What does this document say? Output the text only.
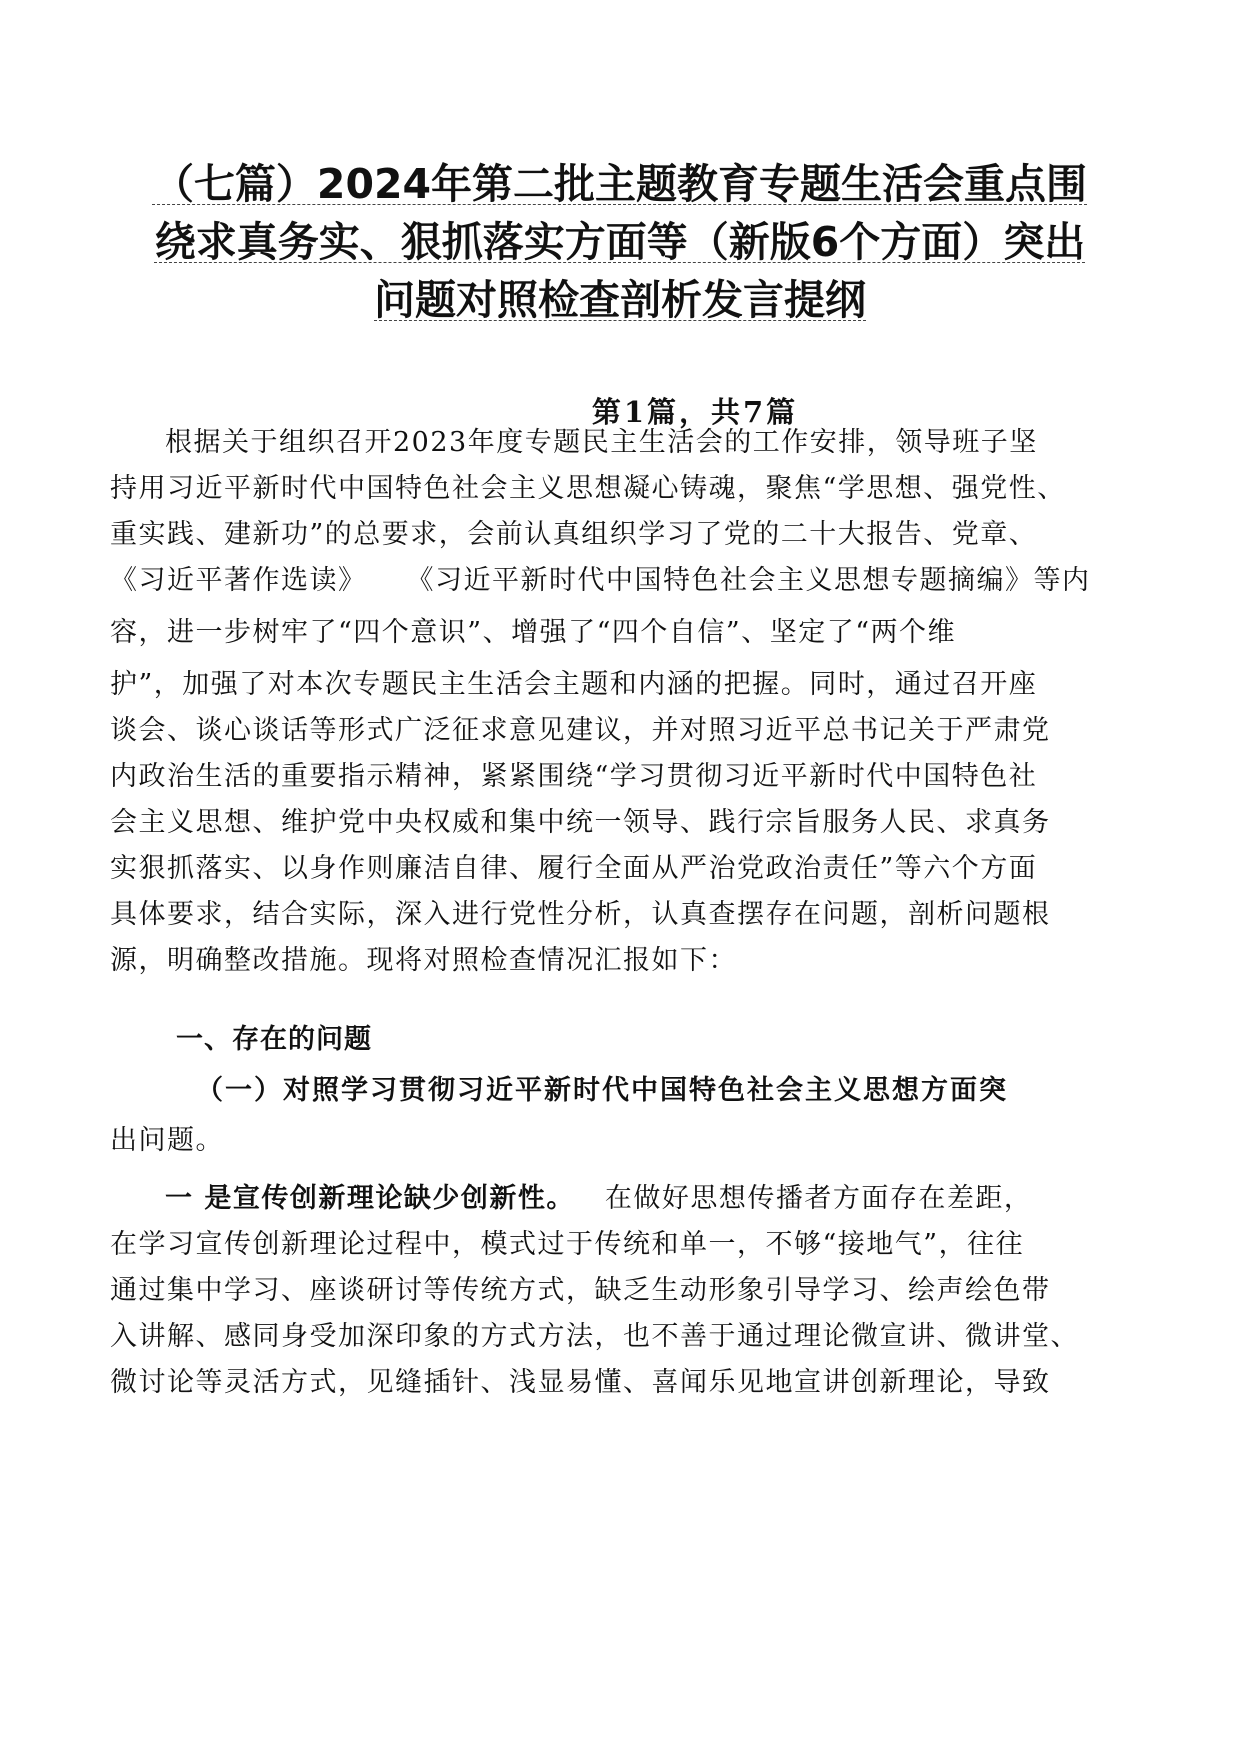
（七篇）2024年第二批主题教育专题生活会重点围
绕求真务实、狠抓落实方面等（新版6个方面）突出
问题对照检查剖析发言提纲

第1篇，共7篇

根据关于组织召开2023年度专题民主生活会的工作安排，领导班子坚
持用习近平新时代中国特色社会主义思想凝心铸魂，聚焦“学思想、强党性、
重实践、建新功”的总要求，会前认真组织学习了党的二十大报告、党章、
《习近平著作选读》 《习近平新时代中国特色社会主义思想专题摘编》等内
容，进一步树牢了“四个意识”、增强了“四个自信”、坚定了“两个维
护”，加强了对本次专题民主生活会主题和内涵的把握。同时，通过召开座
谈会、谈心谈话等形式广泛征求意见建议，并对照习近平总书记关于严肃党
内政治生活的重要指示精神，紧紧围绕“学习贯彻习近平新时代中国特色社
会主义思想、维护党中央权威和集中统一领导、践行宗旨服务人民、求真务
实狠抓落实、以身作则廉洁自律、履行全面从严治党政治责任”等六个方面
具体要求，结合实际，深入进行党性分析，认真查摆存在问题，剖析问题根
源，明确整改措施。现将对照检查情况汇报如下：
一、存在的问题
（一）对照学习贯彻习近平新时代中国特色社会主义思想方面突

出问题。

一 是宣传创新理论缺少创新性。 在做好思想传播者方面存在差距，
在学习宣传创新理论过程中，模式过于传统和单一，不够“接地气”，往往
通过集中学习、座谈研讨等传统方式，缺乏生动形象引导学习、绘声绘色带
入讲解、感同身受加深印象的方式方法，也不善于通过理论微宣讲、微讲堂、
微讨论等灵活方式，见缝插针、浅显易懂、喜闻乐见地宣讲创新理论，导致
